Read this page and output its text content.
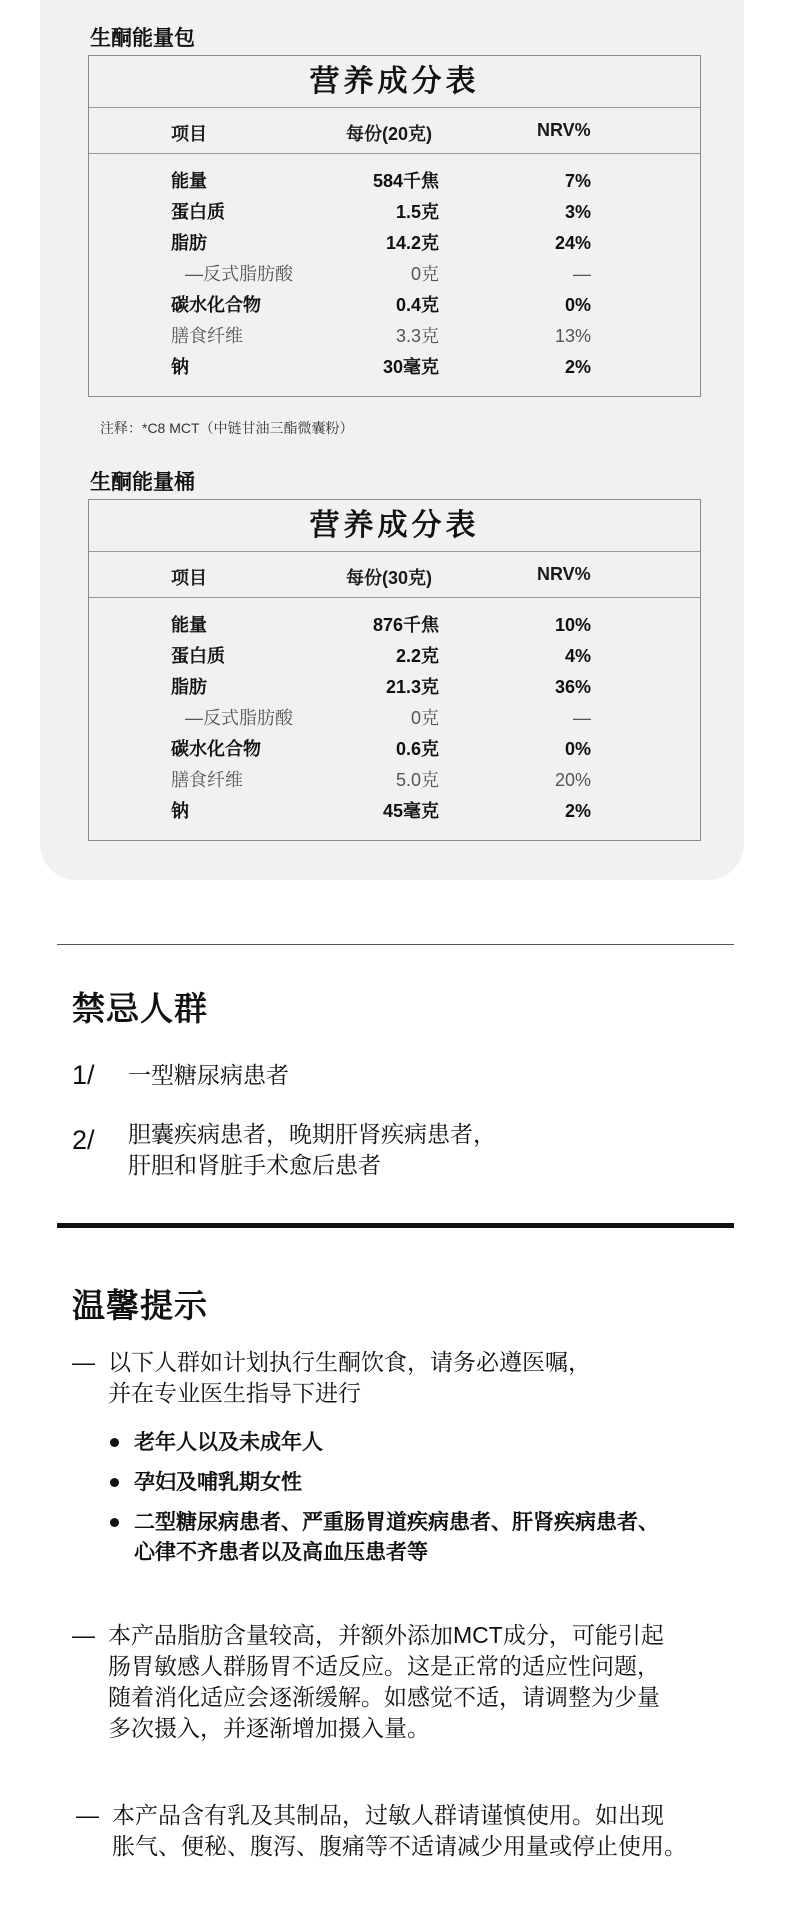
生酮能量包
营养成分表
项目	每份(20克)	NRV%
能量	584千焦	7%
蛋白质	1.5克	3%
脂肪	14.2克	24%
—反式脂肪酸	0克	—
碳水化合物	0.4克	0%
膳食纤维	3.3克	13%
钠	30毫克	2%
注释：*C8 MCT（中链甘油三酯微囊粉）
生酮能量桶
营养成分表
项目	每份(30克)	NRV%
能量	876千焦	10%
蛋白质	2.2克	4%
脂肪	21.3克	36%
—反式脂肪酸	0克	—
碳水化合物	0.6克	0%
膳食纤维	5.0克	20%
钠	45毫克	2%
禁忌人群
1/ 一型糖尿病患者
2/ 胆囊疾病患者，晚期肝肾疾病患者，
肝胆和肾脏手术愈后患者
温馨提示
— 以下人群如计划执行生酮饮食，请务必遵医嘱，
并在专业医生指导下进行
老年人以及未成年人
孕妇及哺乳期女性
二型糖尿病患者、严重肠胃道疾病患者、肝肾疾病患者、
心律不齐患者以及高血压患者等
— 本产品脂肪含量较高，并额外添加MCT成分，可能引起
肠胃敏感人群肠胃不适反应。这是正常的适应性问题，
随着消化适应会逐渐缓解。如感觉不适，请调整为少量
多次摄入，并逐渐增加摄入量。
— 本产品含有乳及其制品，过敏人群请谨慎使用。如出现
胀气、便秘、腹泻、腹痛等不适请减少用量或停止使用。
